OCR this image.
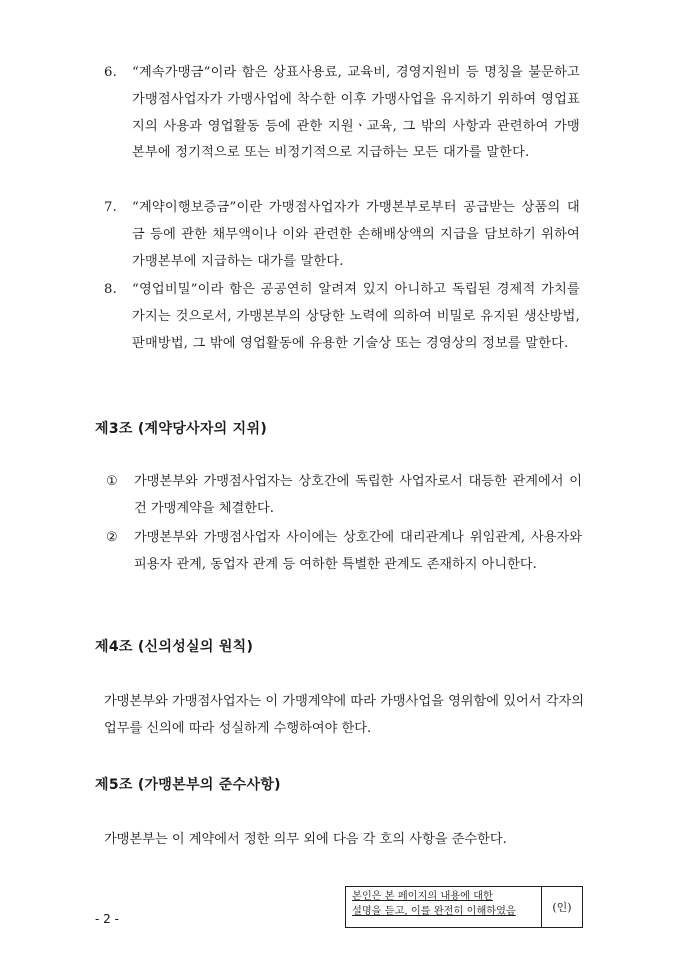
6. “계속가맹금”이라 함은 상표사용료, 교육비, 경영지원비 등 명칭을 불문하고 가맹점사업자가 가맹사업에 착수한 이후 가맹사업을 유지하기 위하여 영업표지의 사용과 영업활동 등에 관한 지원ㆍ교육, 그 밖의 사항과 관련하여 가맹본부에 정기적으로 또는 비정기적으로 지급하는 모든 대가를 말한다.
7. “계약이행보증금”이란 가맹점사업자가 가맹본부로부터 공급받는 상품의 대금 등에 관한 채무액이나 이와 관련한 손해배상액의 지급을 담보하기 위하여 가맹본부에 지급하는 대가를 말한다.
8. “영업비밀”이라 함은 공공연히 알려져 있지 아니하고 독립된 경제적 가치를 가지는 것으로서, 가맹본부의 상당한 노력에 의하여 비밀로 유지된 생산방법, 판매방법, 그 밖에 영업활동에 유용한 기술상 또는 경영상의 정보를 말한다.
제3조 (계약당사자의 지위)
① 가맹본부와 가맹점사업자는 상호간에 독립한 사업자로서 대등한 관계에서 이 건 가맹계약을 체결한다.
② 가맹본부와 가맹점사업자 사이에는 상호간에 대리관계나 위임관계, 사용자와 피용자 관계, 동업자 관계 등 여하한 특별한 관계도 존재하지 아니한다.
제4조 (신의성실의 원칙)
가맹본부와 가맹점사업자는 이 가맹계약에 따라 가맹사업을 영위함에 있어서 각자의 업무를 신의에 따라 성실하게 수행하여야 한다.
제5조 (가맹본부의 준수사항)
가맹본부는 이 계약에서 정한 의무 외에 다음 각 호의 사항을 준수한다.
- 2 -
본인은 본 페이지의 내용에 대한
설명을 듣고, 이를 완전히 이해하였음	(인)
